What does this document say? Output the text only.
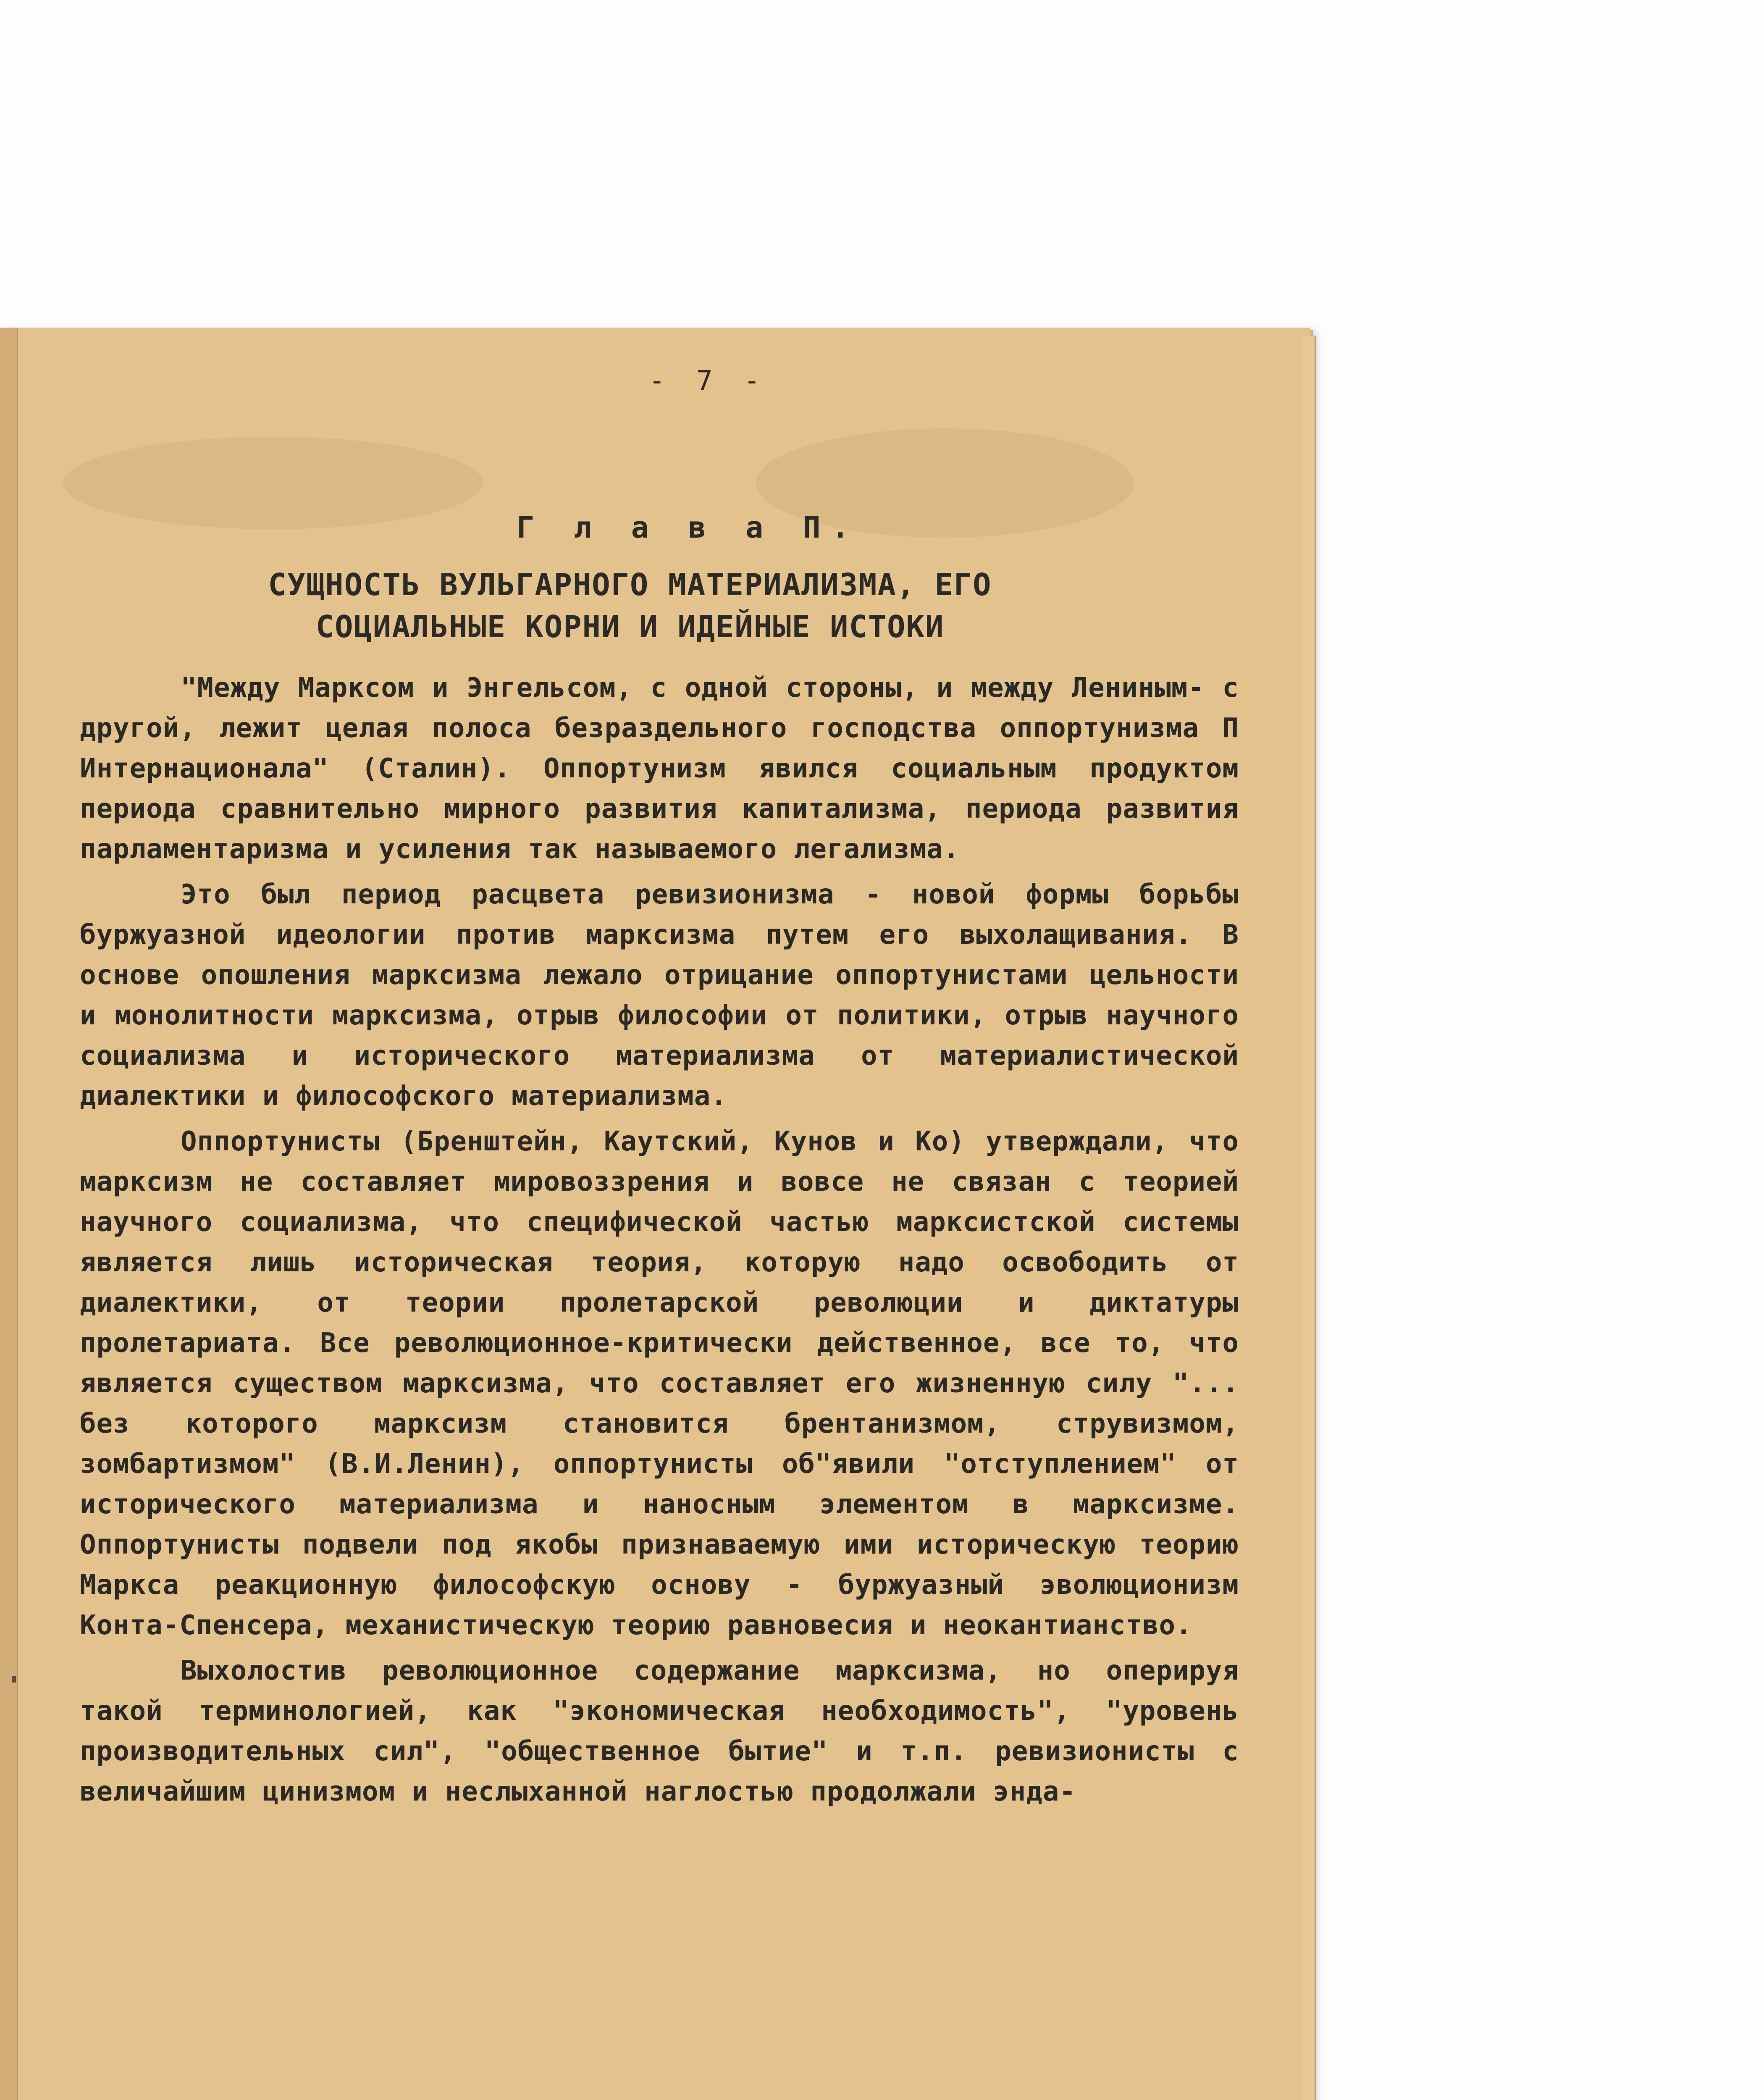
- 7 -
Г л а в а П.
СУЩНОСТЬ ВУЛЬГАРНОГО МАТЕРИАЛИЗМА, ЕГО
СОЦИАЛЬНЫЕ КОРНИ И ИДЕЙНЫЕ ИСТОКИ

"Между Марксом и Энгельсом, с одной стороны, и между Лениным- с другой, лежит целая полоса безраздельного господства оппортунизма П Интернационала" (Сталин). Оппортунизм явился социальным продуктом периода сравнительно мирного развития капитализма, периода развития парламентаризма и усиления так называемого легализма.

Это был период расцвета ревизионизма - новой формы борьбы буржуазной идеологии против марксизма путем его выхолащивания. В основе опошления марксизма лежало отрицание оппортунистами цельности и монолитности марксизма, отрыв философии от политики, отрыв научного социализма и исторического материализма от материалистической диалектики и философского материализма.

Оппортунисты (Бренштейн, Каутский, Кунов и Ко) утверждали, что марксизм не составляет мировоззрения и вовсе не связан с теорией научного социализма, что специфической частью марксистской системы является лишь историческая теория, которую надо освободить от диалектики, от теории пролетарской революции и диктатуры пролетариата. Все революционное-критически действенное, все то, что является существом марксизма, что составляет его жизненную силу "... без которого марксизм становится брентанизмом, струвизмом, зомбартизмом" (В.И.Ленин), оппортунисты об"явили "отступлением" от исторического материализма и наносным элементом в марксизме. Оппортунисты подвели под якобы признаваемую ими историческую теорию Маркса реакционную философскую основу - буржуазный эволюционизм Конта-Спенсера, механистическую теорию равновесия и неокантианство.

Выхолостив революционное содержание марксизма, но оперируя такой терминологией, как "экономическая необходимость", "уровень производительных сил", "общественное бытие" и т.п. ревизионисты с величайшим цинизмом и неслыханной наглостью продолжали энда-
